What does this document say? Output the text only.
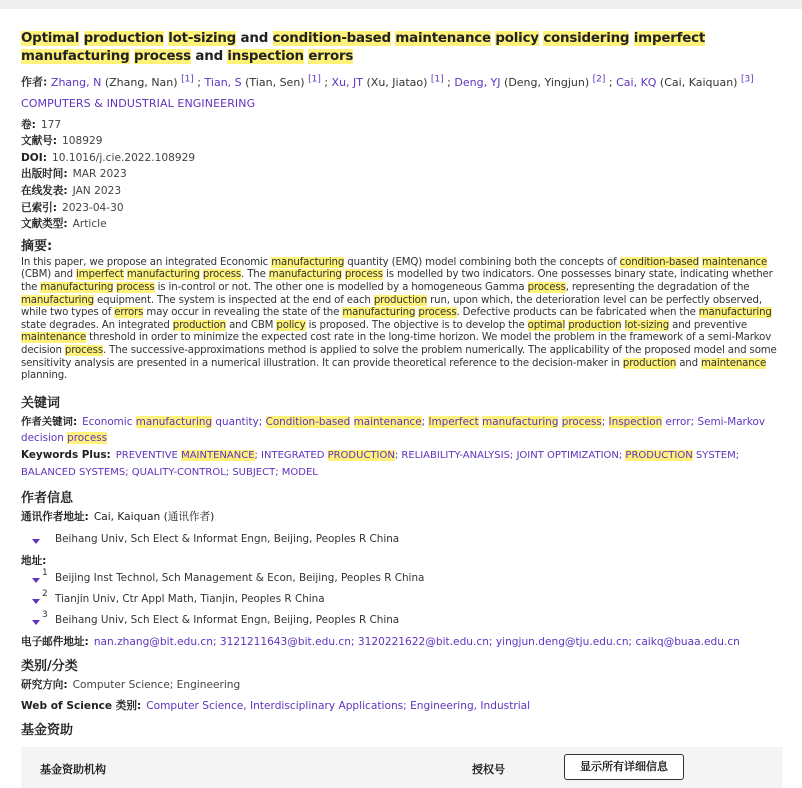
Optimal production lot-sizing and condition-based maintenance policy considering imperfect manufacturing process and inspection errors
作者: Zhang, N (Zhang, Nan) [1] ; Tian, S (Tian, Sen) [1] ; Xu, JT (Xu, Jiatao) [1] ; Deng, YJ (Deng, Yingjun) [2] ; Cai, KQ (Cai, Kaiquan) [3]
COMPUTERS & INDUSTRIAL ENGINEERING
卷: 177
文献号: 108929
DOI: 10.1016/j.cie.2022.108929
出版时间: MAR 2023
在线发表: JAN 2023
已索引: 2023-04-30
文献类型: Article
摘要:
In this paper, we propose an integrated Economic manufacturing quantity (EMQ) model combining both the concepts of condition-based maintenance (CBM) and imperfect manufacturing process. The manufacturing process is modelled by two indicators. One possesses binary state, indicating whether the manufacturing process is in-control or not. The other one is modelled by a homogeneous Gamma process, representing the degradation of the manufacturing equipment. The system is inspected at the end of each production run, upon which, the deterioration level can be perfectly observed, while two types of errors may occur in revealing the state of the manufacturing process. Defective products can be fabricated when the manufacturing state degrades. An integrated production and CBM policy is proposed. The objective is to develop the optimal production lot-sizing and preventive maintenance threshold in order to minimize the expected cost rate in the long-time horizon. We model the problem in the framework of a semi-Markov decision process. The successive-approximations method is applied to solve the problem numerically. The applicability of the proposed model and some sensitivity analysis are presented in a numerical illustration. It can provide theoretical reference to the decision-maker in production and maintenance planning.
关键词
作者关键词: Economic manufacturing quantity; Condition-based maintenance; Imperfect manufacturing process; Inspection error; Semi-Markov decision process
Keywords Plus: PREVENTIVE MAINTENANCE; INTEGRATED PRODUCTION; RELIABILITY-ANALYSIS; JOINT OPTIMIZATION; PRODUCTION SYSTEM; BALANCED SYSTEMS; QUALITY-CONTROL; SUBJECT; MODEL
作者信息
通讯作者地址: Cai, Kaiquan (通讯作者)
Beihang Univ, Sch Elect & Informat Engn, Beijing, Peoples R China
地址:
1 Beijing Inst Technol, Sch Management & Econ, Beijing, Peoples R China
2 Tianjin Univ, Ctr Appl Math, Tianjin, Peoples R China
3 Beihang Univ, Sch Elect & Informat Engn, Beijing, Peoples R China
电子邮件地址: nan.zhang@bit.edu.cn; 3121211643@bit.edu.cn; 3120221622@bit.edu.cn; yingjun.deng@tju.edu.cn; caikq@buaa.edu.cn
类别/分类
研究方向: Computer Science; Engineering
Web of Science 类别: Computer Science, Interdisciplinary Applications; Engineering, Industrial
基金资助
基金资助机构	授权号	显示所有详细信息
